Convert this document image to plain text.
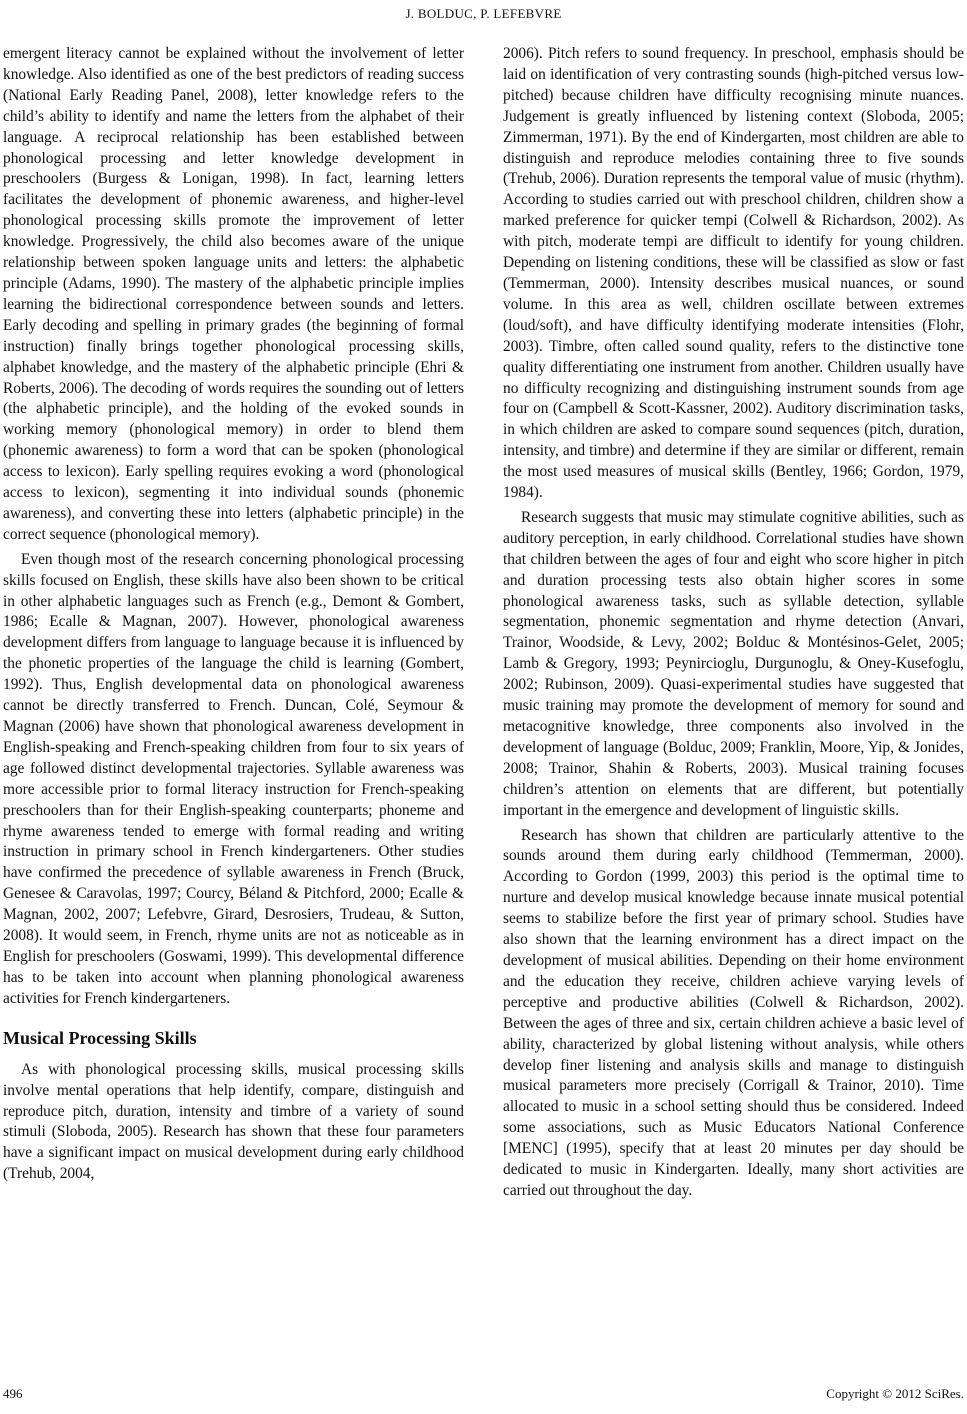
J. BOLDUC, P. LEFEBVRE

emergent literacy cannot be explained without the involvement of letter knowledge. Also identified as one of the best predictors of reading success (National Early Reading Panel, 2008), letter knowledge refers to the child’s ability to identify and name the letters from the alphabet of their language. A reciprocal relationship has been established between phonological processing and letter knowledge development in preschoolers (Burgess & Lonigan, 1998). In fact, learning letters facilitates the development of phonemic awareness, and higher-level phonological processing skills promote the improvement of letter knowledge. Progressively, the child also becomes aware of the unique relationship between spoken language units and letters: the alphabetic principle (Adams, 1990). The mastery of the alphabetic principle implies learning the bidirectional correspondence between sounds and letters. Early decoding and spelling in primary grades (the beginning of formal instruction) finally brings together phonological processing skills, alphabet knowledge, and the mastery of the alphabetic principle (Ehri & Roberts, 2006). The decoding of words requires the sounding out of letters (the alphabetic principle), and the holding of the evoked sounds in working memory (phonological memory) in order to blend them (phonemic awareness) to form a word that can be spoken (phonological access to lexicon). Early spelling requires evoking a word (phonological access to lexicon), segmenting it into individual sounds (phonemic awareness), and converting these into letters (alphabetic principle) in the correct sequence (phonological memory).

Even though most of the research concerning phonological processing skills focused on English, these skills have also been shown to be critical in other alphabetic languages such as French (e.g., Demont & Gombert, 1986; Ecalle & Magnan, 2007). However, phonological awareness development differs from language to language because it is influenced by the phonetic properties of the language the child is learning (Gombert, 1992). Thus, English developmental data on phonological awareness cannot be directly transferred to French. Duncan, Colé, Seymour & Magnan (2006) have shown that phonological awareness development in English-speaking and French-speaking children from four to six years of age followed distinct developmental trajectories. Syllable awareness was more accessible prior to formal literacy instruction for French-speaking preschoolers than for their English-speaking counterparts; phoneme and rhyme awareness tended to emerge with formal reading and writing instruction in primary school in French kindergarteners. Other studies have confirmed the precedence of syllable awareness in French (Bruck, Genesee & Caravolas, 1997; Courcy, Béland & Pitchford, 2000; Ecalle & Magnan, 2002, 2007; Lefebvre, Girard, Desrosiers, Trudeau, & Sutton, 2008). It would seem, in French, rhyme units are not as noticeable as in English for preschoolers (Goswami, 1999). This developmental difference has to be taken into account when planning phonological awareness activities for French kindergarteners.

Musical Processing Skills

As with phonological processing skills, musical processing skills involve mental operations that help identify, compare, distinguish and reproduce pitch, duration, intensity and timbre of a variety of sound stimuli (Sloboda, 2005). Research has shown that these four parameters have a significant impact on musical development during early childhood (Trehub, 2004,

2006). Pitch refers to sound frequency. In preschool, emphasis should be laid on identification of very contrasting sounds (high-pitched versus low-pitched) because children have difficulty recognising minute nuances. Judgement is greatly influenced by listening context (Sloboda, 2005; Zimmerman, 1971). By the end of Kindergarten, most children are able to distinguish and reproduce melodies containing three to five sounds (Trehub, 2006). Duration represents the temporal value of music (rhythm). According to studies carried out with preschool children, children show a marked preference for quicker tempi (Colwell & Richardson, 2002). As with pitch, moderate tempi are difficult to identify for young children. Depending on listening conditions, these will be classified as slow or fast (Temmerman, 2000). Intensity describes musical nuances, or sound volume. In this area as well, children oscillate between extremes (loud/soft), and have difficulty identifying moderate intensities (Flohr, 2003). Timbre, often called sound quality, refers to the distinctive tone quality differentiating one instrument from another. Children usually have no difficulty recognizing and distinguishing instrument sounds from age four on (Campbell & Scott-Kassner, 2002). Auditory discrimination tasks, in which children are asked to compare sound sequences (pitch, duration, intensity, and timbre) and determine if they are similar or different, remain the most used measures of musical skills (Bentley, 1966; Gordon, 1979, 1984).

Research suggests that music may stimulate cognitive abilities, such as auditory perception, in early childhood. Correlational studies have shown that children between the ages of four and eight who score higher in pitch and duration processing tests also obtain higher scores in some phonological awareness tasks, such as syllable detection, syllable segmentation, phonemic segmentation and rhyme detection (Anvari, Trainor, Woodside, & Levy, 2002; Bolduc & Montésinos-Gelet, 2005; Lamb & Gregory, 1993; Peynircioglu, Durgunoglu, & Oney-Kusefoglu, 2002; Rubinson, 2009). Quasi-experimental studies have suggested that music training may promote the development of memory for sound and metacognitive knowledge, three components also involved in the development of language (Bolduc, 2009; Franklin, Moore, Yip, & Jonides, 2008; Trainor, Shahin & Roberts, 2003). Musical training focuses children’s attention on elements that are different, but potentially important in the emergence and development of linguistic skills.

Research has shown that children are particularly attentive to the sounds around them during early childhood (Temmerman, 2000). According to Gordon (1999, 2003) this period is the optimal time to nurture and develop musical knowledge because innate musical potential seems to stabilize before the first year of primary school. Studies have also shown that the learning environment has a direct impact on the development of musical abilities. Depending on their home environment and the education they receive, children achieve varying levels of perceptive and productive abilities (Colwell & Richardson, 2002). Between the ages of three and six, certain children achieve a basic level of ability, characterized by global listening without analysis, while others develop finer listening and analysis skills and manage to distinguish musical parameters more precisely (Corrigall & Trainor, 2010). Time allocated to music in a school setting should thus be considered. Indeed some associations, such as Music Educators National Conference [MENC] (1995), specify that at least 20 minutes per day should be dedicated to music in Kindergarten. Ideally, many short activities are carried out throughout the day.

496	Copyright © 2012 SciRes.
